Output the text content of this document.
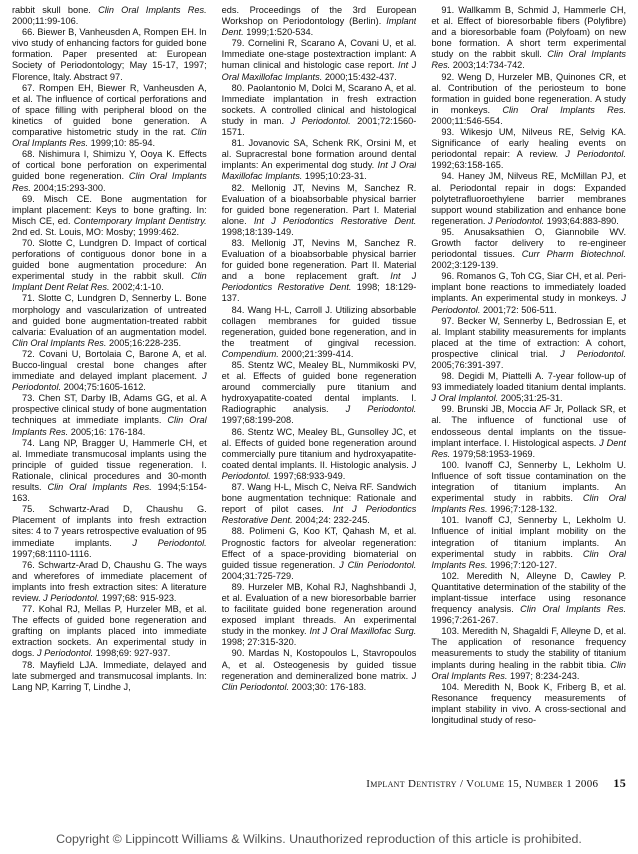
rabbit skull bone. Clin Oral Implants Res. 2000;11:99-106.

66. Biewer B, Vanheusden A, Rompen EH. In vivo study of enhancing factors for guided bone formation. Paper presented at: European Society of Periodontology; May 15-17, 1997; Florence, Italy. Abstract 97.

67. Rompen EH, Biewer R, Vanheusden A, et al. The influence of cortical perforations and of space filling with peripheral blood on the kinetics of guided bone generation. A comparative histometric study in the rat. Clin Oral Implants Res. 1999;10: 85-94.

68. Nishimura I, Shimizu Y, Ooya K. Effects of cortical bone perforation on experimental guided bone regeneration. Clin Oral Implants Res. 2004;15:293-300.

69. Misch CE. Bone augmentation for implant placement: Keys to bone grafting. In: Misch CE, ed. Contemporary Implant Dentistry. 2nd ed. St. Louis, MO: Mosby; 1999:462.

70. Slotte C, Lundgren D. Impact of cortical perforations of contiguous donor bone in a guided bone augmentation procedure: An experimental study in the rabbit skull. Clin Implant Dent Relat Res. 2002;4:1-10.

71. Slotte C, Lundgren D, Sennerby L. Bone morphology and vascularization of untreated and guided bone augmentation-treated rabbit calvaria: Evaluation of an augmentation model. Clin Oral Implants Res. 2005;16:228-235.

72. Covani U, Bortolaia C, Barone A, et al. Bucco-lingual crestal bone changes after immediate and delayed implant placement. J Periodontol. 2004;75:1605-1612.

73. Chen ST, Darby IB, Adams GG, et al. A prospective clinical study of bone augmentation techniques at immediate implants. Clin Oral Implants Res. 2005;16: 176-184.

74. Lang NP, Bragger U, Hammerle CH, et al. Immediate transmucosal implants using the principle of guided tissue regeneration. I. Rationale, clinical procedures and 30-month results. Clin Oral Implants Res. 1994;5:154-163.

75. Schwartz-Arad D, Chaushu G. Placement of implants into fresh extraction sites: 4 to 7 years retrospective evaluation of 95 immediate implants. J Periodontol. 1997;68:1110-1116.

76. Schwartz-Arad D, Chaushu G. The ways and wherefores of immediate placement of implants into fresh extraction sites: A literature review. J Periodontol. 1997;68: 915-923.

77. Kohal RJ, Mellas P, Hurzeler MB, et al. The effects of guided bone regeneration and grafting on implants placed into immediate extraction sockets. An experimental study in dogs. J Periodontol. 1998;69: 927-937.

78. Mayfield LJA. Immediate, delayed and late submerged and transmucosal implants. In: Lang NP, Karring T, Lindhe J,

eds. Proceedings of the 3rd European Workshop on Periodontology (Berlin). Implant Dent. 1999;1:520-534.

79. Cornelini R, Scarano A, Covani U, et al. Immediate one-stage postextraction implant: A human clinical and histologic case report. Int J Oral Maxillofac Implants. 2000;15:432-437.

80. Paolantonio M, Dolci M, Scarano A, et al. Immediate implantation in fresh extraction sockets. A controlled clinical and histological study in man. J Periodontol. 2001;72:1560-1571.

81. Jovanovic SA, Schenk RK, Orsini M, et al. Supracrestal bone formation around dental implants: An experimental dog study. Int J Oral Maxillofac Implants. 1995;10:23-31.

82. Mellonig JT, Nevins M, Sanchez R. Evaluation of a bioabsorbable physical barrier for guided bone regeneration. Part I. Material alone. Int J Periodontics Restorative Dent. 1998;18:139-149.

83. Mellonig JT, Nevins M, Sanchez R. Evaluation of a bioabsorbable physical barrier for guided bone regeneration. Part II. Material and a bone replacement graft. Int J Periodontics Restorative Dent. 1998; 18:129-137.

84. Wang H-L, Carroll J. Utilizing absorbable collagen membranes for guided tissue regeneration, guided bone regeneration, and in the treatment of gingival recession. Compendium. 2000;21:399-414.

85. Stentz WC, Mealey BL, Nummikoski PV, et al. Effects of guided bone regeneration around commercially pure titanium and hydroxyapatite-coated dental implants. I. Radiographic analysis. J Periodontol. 1997;68:199-208.

86. Stentz WC, Mealey BL, Gunsolley JC, et al. Effects of guided bone regeneration around commercially pure titanium and hydroxyapatite-coated dental implants. II. Histologic analysis. J Periodontol. 1997;68:933-949.

87. Wang H-L, Misch C, Neiva RF. Sandwich bone augmentation technique: Rationale and report of pilot cases. Int J Periodontics Restorative Dent. 2004;24: 232-245.

88. Polimeni G, Koo KT, Qahash M, et al. Prognostic factors for alveolar regeneration: Effect of a space-providing biomaterial on guided tissue regeneration. J Clin Periodontol. 2004;31:725-729.

89. Hurzeler MB, Kohal RJ, Naghshbandi J, et al. Evaluation of a new bioresorbable barrier to facilitate guided bone regeneration around exposed implant threads. An experimental study in the monkey. Int J Oral Maxillofac Surg. 1998; 27:315-320.

90. Mardas N, Kostopoulos L, Stavropoulos A, et al. Osteogenesis by guided tissue regeneration and demineralized bone matrix. J Clin Periodontol. 2003;30: 176-183.

91. Wallkamm B, Schmid J, Hammerle CH, et al. Effect of bioresorbable fibers (Polyfibre) and a bioresorbable foam (Polyfoam) on new bone formation. A short term experimental study on the rabbit skull. Clin Oral Implants Res. 2003;14:734-742.

92. Weng D, Hurzeler MB, Quinones CR, et al. Contribution of the periosteum to bone formation in guided bone regeneration. A study in monkeys. Clin Oral Implants Res. 2000;11:546-554.

93. Wikesjo UM, Nilveus RE, Selvig KA. Significance of early healing events on periodontal repair: A review. J Periodontol. 1992;63:158-165.

94. Haney JM, Nilveus RE, McMillan PJ, et al. Periodontal repair in dogs: Expanded polytetrafluoroethylene barrier membranes support wound stabilization and enhance bone regeneration. J Periodontol. 1993;64:883-890.

95. Anusaksathien O, Giannobile WV. Growth factor delivery to re-engineer periodontal tissues. Curr Pharm Biotechnol. 2002;3:129-139.

96. Romanos G, Toh CG, Siar CH, et al. Peri-implant bone reactions to immediately loaded implants. An experimental study in monkeys. J Periodontol. 2001;72: 506-511.

97. Becker W, Sennerby L, Bedrossian E, et al. Implant stability measurements for implants placed at the time of extraction: A cohort, prospective clinical trial. J Periodontol. 2005;76:391-397.

98. Degidi M, Piattelli A. 7-year follow-up of 93 immediately loaded titanium dental implants. J Oral Implantol. 2005;31:25-31.

99. Brunski JB, Moccia AF Jr, Pollack SR, et al. The influence of functional use of endosseous dental implants on the tissue-implant interface. I. Histological aspects. J Dent Res. 1979;58:1953-1969.

100. Ivanoff CJ, Sennerby L, Lekholm U. Influence of soft tissue contamination on the integration of titanium implants. An experimental study in rabbits. Clin Oral Implants Res. 1996;7:128-132.

101. Ivanoff CJ, Sennerby L, Lekholm U. Influence of initial implant mobility on the integration of titanium implants. An experimental study in rabbits. Clin Oral Implants Res. 1996;7:120-127.

102. Meredith N, Alleyne D, Cawley P. Quantitative determination of the stability of the implant-tissue interface using resonance frequency analysis. Clin Oral Implants Res. 1996;7:261-267.

103. Meredith N, Shagaldi F, Alleyne D, et al. The application of resonance frequency measurements to study the stability of titanium implants during healing in the rabbit tibia. Clin Oral Implants Res. 1997; 8:234-243.

104. Meredith N, Book K, Friberg B, et al. Resonance frequency measurements of implant stability in vivo. A cross-sectional and longitudinal study of reso-

Implant Dentistry / Volume 15, Number 1 2006 15
Copyright © Lippincott Williams & Wilkins. Unauthorized reproduction of this article is prohibited.
